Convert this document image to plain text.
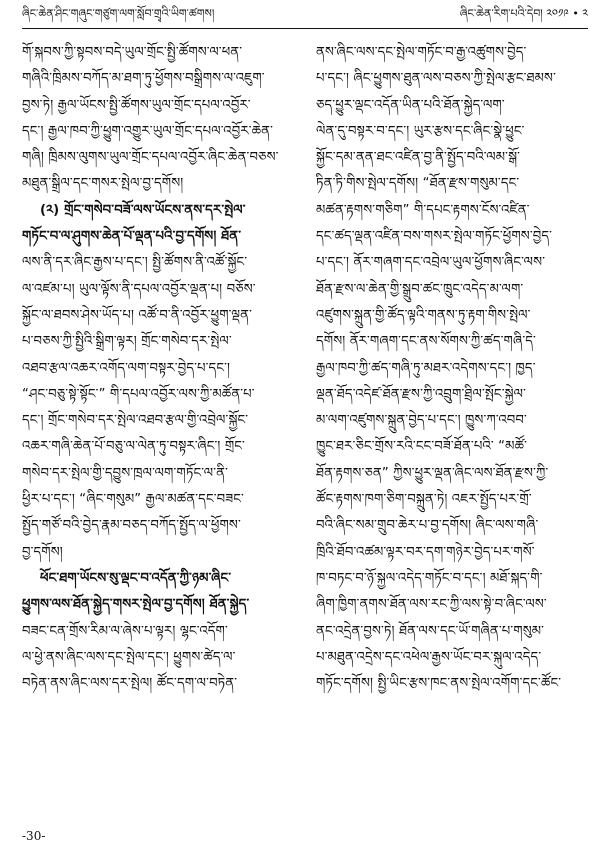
ཞིང་ཆེན་ཤིང་གཞུང་གཙུག་ལག་སློབ་གྲྭའི་ཡིག་ཚགས།	ཞིང་ཆེན་རིག་པའི་དེབ། ༢༠༡༩ • ༢
གོ་སྐབས་ཀྱི་སྟབས་བདེ་ཡུལ་གྲོང་སྤྱི་ཚོགས་ལ་ཕན་
གཞིའི་ཁྲིམས་བཀོད་མ་ཐག་ཏུ་ཕྱོགས་བསྒྲིགས་ལ་འཇུག་
བྱས་ཏེ། རྒྱལ་ཡོངས་སྤྱི་ཚོགས་ཡུལ་གྲོང་དཔལ་འབྱོར་
དང་། རྒྱལ་ཁབ་ཀྱི་ཕྱུག་འགྱུར་ཡུལ་གྲོང་དཔལ་འབྱོར་ཆེན་
གཞི། ཁྲིམས་ལུགས་ཡུལ་གྲོང་དཔལ་འབྱོར་ཞིང་ཆེན་བཅས་
མཐུན་སྒྲིལ་དང་གསར་སྤེལ་བྱ་དགོས།
(༢) གྲོང་གསེབ་བཟོ་ལས་ཡོངས་ནས་དར་སྤེལ་
གཏོང་བ་ལ་ཤུགས་ཆེན་པོ་ལྡན་པའི་བྱ་དགོས། ཐོན་
ལས་ནི་དར་ཞིང་རྒྱས་པ་དང་། སྤྱི་ཚོགས་ནི་འཚོ་སྐྱོང་
ལ་འཛམ་པ། ཡུལ་ལྟོས་ནི་དཔལ་འབྱོར་ལྡན་པ། བཅོས་
སྐྱོང་ལ་ཐབས་ཤེས་ཡོད་པ། འཚོ་བ་ནི་འབྱོར་ཕྱུག་ལྡན་
པ་བཅས་ཀྱི་སྤྱིའི་སྒྲིག་ལྟར། གྲོང་གསེབ་དར་སྤེལ་
འཐབ་རྩལ་འཆར་འགོད་ལག་བསྟར་བྱེད་པ་དང་།
“ཤང་བཅུ་སྟེ་སྟོང་” གི་དཔལ་འབྱོར་ལས་ཀྱི་མཚོན་པ་
དང་། གྲོང་གསེབ་དར་སྤེལ་འཐབ་རྩལ་གྱི་འབྲེལ་སྐྱོང་
འཆར་གཞི་ཆེན་པོ་བཅུ་ལ་ལེན་ཏུ་བསྟར་ཞིང་། གྲོང་
གསེབ་དར་སྤེལ་གྱི་དབྱུས་ཁྲལ་ལག་གཏོང་ལ་ནི་
ཕྱིར་པ་དང་། “ཞིང་གསུམ” རྒྱལ་མཚན་དང་བཟང་
སྤྱོད་གཙོ་བའི་བྱེད་རྣམ་བཅད་བཀོད་སྤྱོད་ལ་ཕྱོགས་
བྱ་དགོས།
ཕོང་ཐག་ཡོངས་སུ་ལྡང་བ་འདོན་ཀྱི་ཉམ་ཞིང་
ཕྱུགས་ལས་ཐོན་སྐྱེད་གསར་སྤེལ་བྱ་དགོས། ཐོན་སྐྱེད་
བཟང་ངན་གྲོས་རིམ་ལ་ཞེས་པ་ལྟར། ལྷང་འདོག་
ལ་ཕྱེ་ནས་ཞིང་ལས་དང་སྤེལ་དང་། ཕྱུགས་ཚེད་ལ་
བཏེན་ནས་ཞིང་ལས་དར་སྤེལ། ཚོང་དག་ལ་བཏེན་
ནས་ཞིང་ལས་དང་སྤེལ་གཏོང་བ་རྒྱ་འཚུགས་བྱེད་
པ་དང་། ཞིང་ཕྱུགས་ཐུན་ལས་བཅས་ཀྱི་སྤེལ་རྩང་ཐམས་
ཅད་ཕྱུར་ལྡང་འདོན་ཡིན་པའི་ཐོན་སྐྱེད་ལག་
ལེན་དུ་བསྟར་བ་དང་། ཡུར་རྩས་དང་ཞིང་སྣེ་ཕྱུང་
སྐྱོང་དམ་ནན་ཐང་འཛིན་བྱ་ནི་སྤྱོད་བའི་ལམ་སྒོ་
ཏིན་ཏི་གིས་སྤེལ་དགོས། “ཐོན་རྫས་གསུམ་དང་
མཚན་རྟགས་གཅིག” གི་དཔང་རྟགས་ངོས་འཛིན་
དང་ཚད་ལྡན་འཛིན་བས་གསར་སྤེལ་གཏོང་ཕྱོགས་བྱེད་
པ་དང་། ནོར་གཞག་དང་འབྲེལ་ཡུལ་ཕྱོགས་ཞིང་ལས་
ཐོན་རྫས་ལ་ཆེན་གྱི་སྒྲུབ་ཚང་ཁྲུང་འདེད་མ་ལག་
འཛུགས་སྐྲུན་གྱི་ཚོད་ལྟའི་གནས་ཏུ་རྟག་གིས་སྤེལ་
དགོས། ནོར་གཞག་དང་ནས་སོགས་ཀྱི་ཚད་གཞི་དེ་
རྒྱལ་ཁབ་ཀྱི་ཚད་གཞི་ཏུ་མཐར་འདེགས་དང་། ཁྱད་
ལྡན་ཐོད་འདེཛ་ཐོན་རྫས་ཀྱི་འབྲུག་ཐྲིལ་སྤོང་སྐྱེལ་
མ་ལག་འཛུགས་སྐྲུན་བྱེད་པ་དང་། ཁྱུས་ཀ་འབབ་
ཁྱུང་ཐར་ཅིང་གྲོས་རའི་ངང་བཟོ་ཐོན་པའི་ “མཚོ་
ཐོན་རྟགས་ཅན” ཀྱིས་ཕྱུར་ལྡན་ཞིང་ལས་ཐོན་རྫས་ཀྱི་
ཚོང་རྟགས་ཁག་ཅིག་བསྐྲུན་ཏེ། འཇར་སྤྱོད་པར་གྲོ་
བའི་ཞིང་སམ་གྲུབ་ཆེར་པ་བྱ་དགོས། ཞིང་ལས་གཞི་
ཁྲིའི་ཐོབ་འཚམ་ལྟར་བར་དག་གཉེར་བྱེད་པར་གསོ་
ཁ་བཏང་བ་ཉོ་སྐྱལ་འདེད་གཏོང་བ་དང་། མཐོ་སྐད་གི་
ཞིག་ཁྱིག་ནགས་ཐོན་ལས་རང་ཀྱི་ལས་སྟེ་བ་ཞིང་ལས་
ནང་འདྲེན་བྱས་ཏེ། ཐོན་ལས་དང་ཡོ་གཞིན་པ་གསུམ་
པ་མཐུན་འདྲེས་དང་འཕེལ་རྒྱས་ཡོང་བར་སྐུལ་འདེད་
གཏོང་དགོས། སྤྱི་ཡིང་རྩས་ཁང་ནས་སྤེལ་འགོག་དང་ཚོང་
-30-
